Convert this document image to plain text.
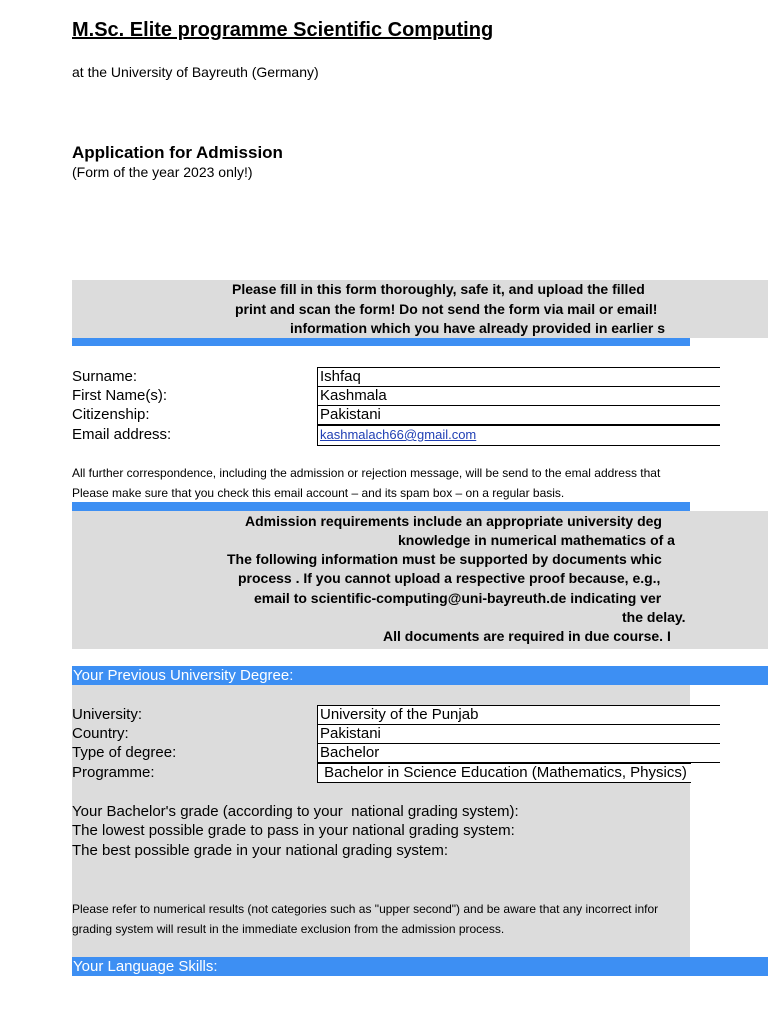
M.Sc. Elite programme Scientific Computing
at the University of Bayreuth (Germany)
Application for Admission
(Form of the year 2023 only!)
Please fill in this form thoroughly, safe it, and upload the filled
print and scan the form! Do not send the form via mail or email!
information which you have already provided in earlier s
Surname:	Ishfaq
First Name(s):	Kashmala
Citizenship:	Pakistani
Email address:	kashmalach66@gmail.com
All further correspondence, including the admission or rejection message, will be send to the emal address that
Please make sure that you check this email account – and its spam box – on a regular basis.
Admission requirements include an appropriate university deg
knowledge in numerical mathematics of a
The following information must be supported by documents whic
process . If you cannot upload a respective proof because, e.g.,
email to scientific-computing@uni-bayreuth.de indicating ver
the delay.
All documents are required in due course. I
Your Previous University Degree:
University:	University of the Punjab
Country:	Pakistani
Type of degree:	Bachelor
Programme:	Bachelor in Science Education (Mathematics, Physics)
Your Bachelor's grade (according to your  national grading system):
The lowest possible grade to pass in your national grading system:
The best possible grade in your national grading system:
Please refer to numerical results (not categories such as "upper second") and be aware that any incorrect infor
grading system will result in the immediate exclusion from the admission process.
Your Language Skills:
